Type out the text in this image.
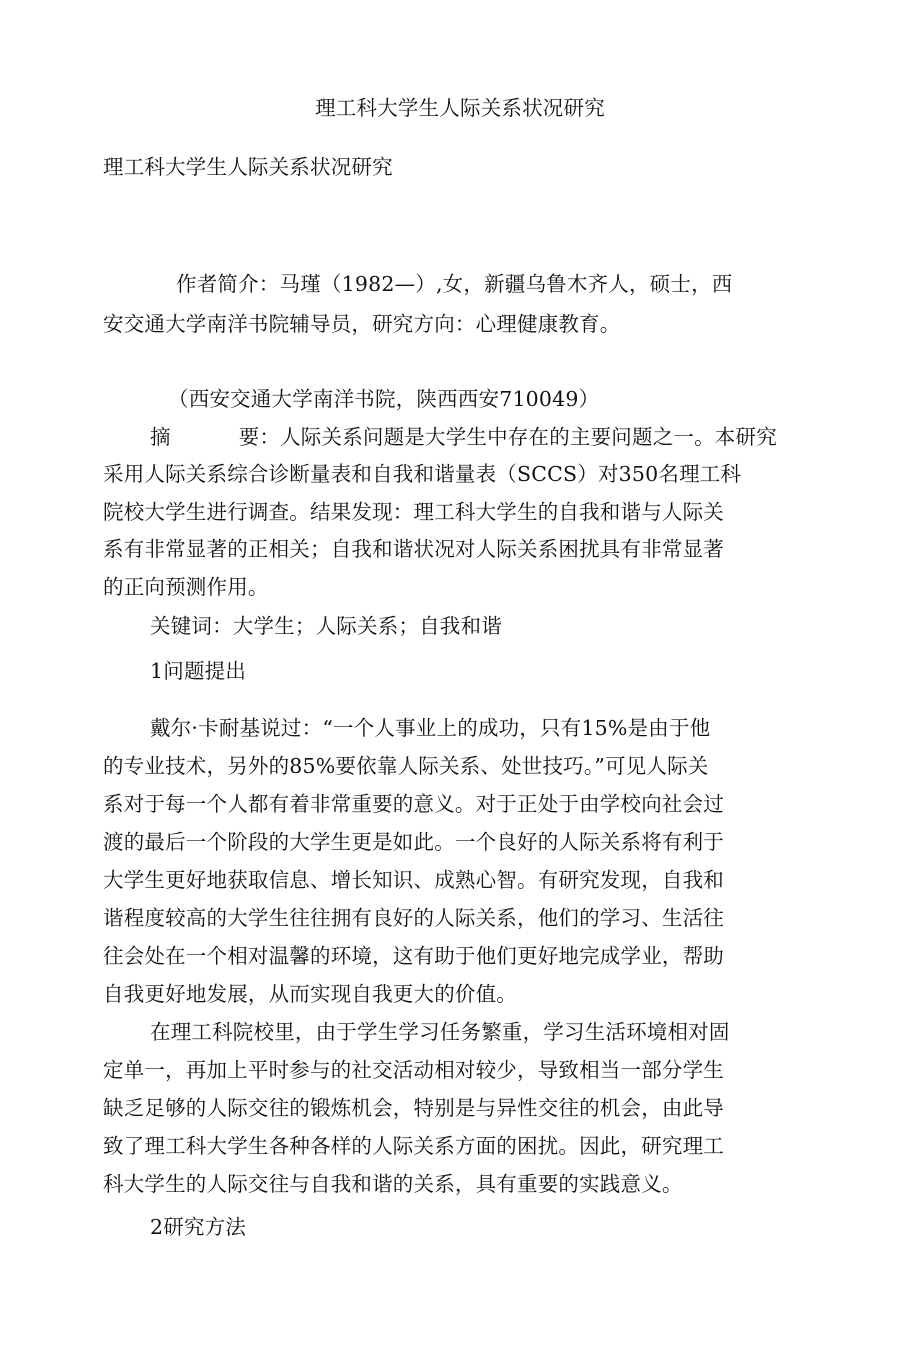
理工科大学生人际关系状况研究
理工科大学生人际关系状况研究
作者简介：马瑾（1982—）,女，新疆乌鲁木齐人，硕士，西
安交通大学南洋书院辅导员，研究方向：心理健康教育。
（西安交通大学南洋书院，陕西西安710049）
摘	要：人际关系问题是大学生中存在的主要问题之一。本研究
采用人际关系综合诊断量表和自我和谐量表（SCCS）对350名理工科
院校大学生进行调查。结果发现：理工科大学生的自我和谐与人际关
系有非常显著的正相关；自我和谐状况对人际关系困扰具有非常显著
的正向预测作用。
关键词：大学生；人际关系；自我和谐
1问题提出
戴尔·卡耐基说过：“一个人事业上的成功，只有15%是由于他
的专业技术，另外的85%要依靠人际关系、处世技巧。”可见人际关
系对于每一个人都有着非常重要的意义。对于正处于由学校向社会过
渡的最后一个阶段的大学生更是如此。一个良好的人际关系将有利于
大学生更好地获取信息、增长知识、成熟心智。有研究发现，自我和
谐程度较高的大学生往往拥有良好的人际关系，他们的学习、生活往
往会处在一个相对温馨的环境，这有助于他们更好地完成学业，帮助
自我更好地发展，从而实现自我更大的价值。
在理工科院校里，由于学生学习任务繁重，学习生活环境相对固
定单一，再加上平时参与的社交活动相对较少，导致相当一部分学生
缺乏足够的人际交往的锻炼机会，特别是与异性交往的机会，由此导
致了理工科大学生各种各样的人际关系方面的困扰。因此，研究理工
科大学生的人际交往与自我和谐的关系，具有重要的实践意义。
2研究方法
